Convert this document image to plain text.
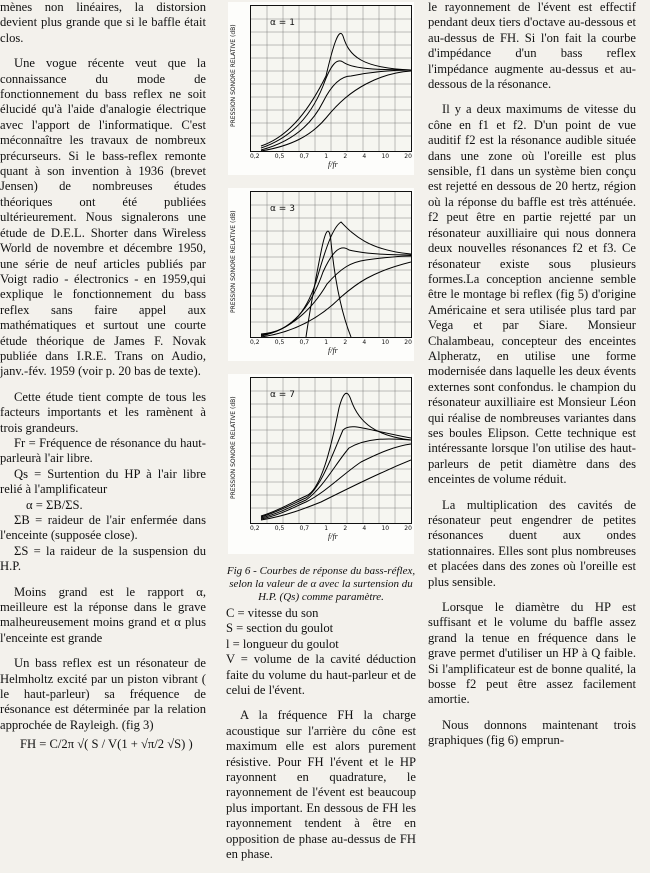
mènes non linéaires, la distorsion devient plus grande que si le baffle était clos.

Une vogue récente veut que la connaissance du mode de fonctionnement du bass reflex ne soit élucidé qu'à l'aide d'analogie électrique avec l'apport de l'informatique. C'est méconnaître les travaux de nombreux précurseurs. Si le bass-reflex remonte quant à son invention à 1936 (brevet Jensen) de nombreuses études théoriques ont été publiées ultérieurement. Nous signalerons une étude de D.E.L. Shorter dans Wireless World de novembre et décembre 1950, une série de neuf articles publiés par Voigt radio - électronics - en 1959,qui explique le fonctionnement du bass reflex sans faire appel aux mathématiques et surtout une courte étude théorique de James F. Novak publiée dans I.R.E. Trans on Audio, janv.-fév. 1959 (voir p. 20 bas de texte).

Cette étude tient compte de tous les facteurs importants et les ramènent à trois grandeurs.

Fr = Fréquence de résonance du haut-parleurà l'air libre.

Qs = Surtention du HP à l'air libre relié à l'amplificateur

α = ΣB/ΣS.

ΣB = raideur de l'air enfermée dans l'enceinte (supposée close).

ΣS = la raideur de la suspension du H.P.

Moins grand est le rapport α, meilleure est la réponse dans le grave malheureusement moins grand et α plus l'enceinte est grande

Un bass reflex est un résonateur de Helmholtz excité par un piston vibrant ( le haut-parleur) sa fréquence de résonance est déterminée par la relation approchée de Rayleigh. (fig 3)

FH = C/2π √( S / V(1 + √π/2 √S) )
PRESSION SONORE RELATIVE (dB)
α = 1
0,2	0,5	0,7	1	2	4	10	20
f/fr
PRESSION SONORE RELATIVE (dB)
α = 3
0,2	0,5	0,7	1	2	4	10	20
f/fr
PRESSION SONORE RELATIVE (dB)
α = 7
0,2	0,5	0,7	1	2	4	10	20
f/fr
Fig 6 - Courbes de réponse du bass-réflex, selon la valeur de α avec la surtension du H.P. (Qs) comme paramètre.

C = vitesse du son

S = section du goulot

l = longueur du goulot

V = volume de la cavité déduction faite du volume du haut-parleur et de celui de l'évent.

A la fréquence FH la charge acoustique sur l'arrière du cône est maximum elle est alors purement résistive. Pour FH l'évent et le HP rayonnent en quadrature, le rayonnement de l'évent est beaucoup plus important. En dessous de FH les rayonnement tendent à être en opposition de phase au-dessus de FH en phase.

le rayonnement de l'évent est effectif pendant deux tiers d'octave au-dessous et au-dessus de FH. Si l'on fait la courbe d'impédance d'un bass reflex l'impédance augmente au-dessus et au-dessous de la résonance.

Il y a deux maximums de vitesse du cône en f1 et f2. D'un point de vue auditif f2 est la résonance audible située dans une zone où l'oreille est plus sensible, f1 dans un système bien conçu est rejetté en dessous de 20 hertz, région où la réponse du baffle est très atténuée. f2 peut être en partie rejetté par un résonateur auxilliaire qui nous donnera deux nouvelles résonances f2 et f3. Ce résonateur existe sous plusieurs formes.La conception ancienne semble être le montage bi reflex (fig 5) d'origine Américaine et sera utilisée plus tard par Vega et par Siare. Monsieur Chalambeau, concepteur des enceintes Alpheratz, en utilise une forme modernisée dans laquelle les deux évents externes sont confondus. le champion du résonateur auxilliaire est Monsieur Léon qui réalise de nombreuses variantes dans ses boules Elipson. Cette technique est intéressante lorsque l'on utilise des haut-parleurs de petit diamètre dans des enceintes de volume réduit.

La multiplication des cavités de résonateur peut engendrer de petites résonances duent aux ondes stationnaires. Elles sont plus nombreuses et placées dans des zones où l'oreille est plus sensible.

Lorsque le diamètre du HP est suffisant et le volume du baffle assez grand la tenue en fréquence dans le grave permet d'utiliser un HP à Q faible. Si l'amplificateur est de bonne qualité, la bosse f2 peut être assez facilement amortie.

Nous donnons maintenant trois graphiques (fig 6) emprun-
